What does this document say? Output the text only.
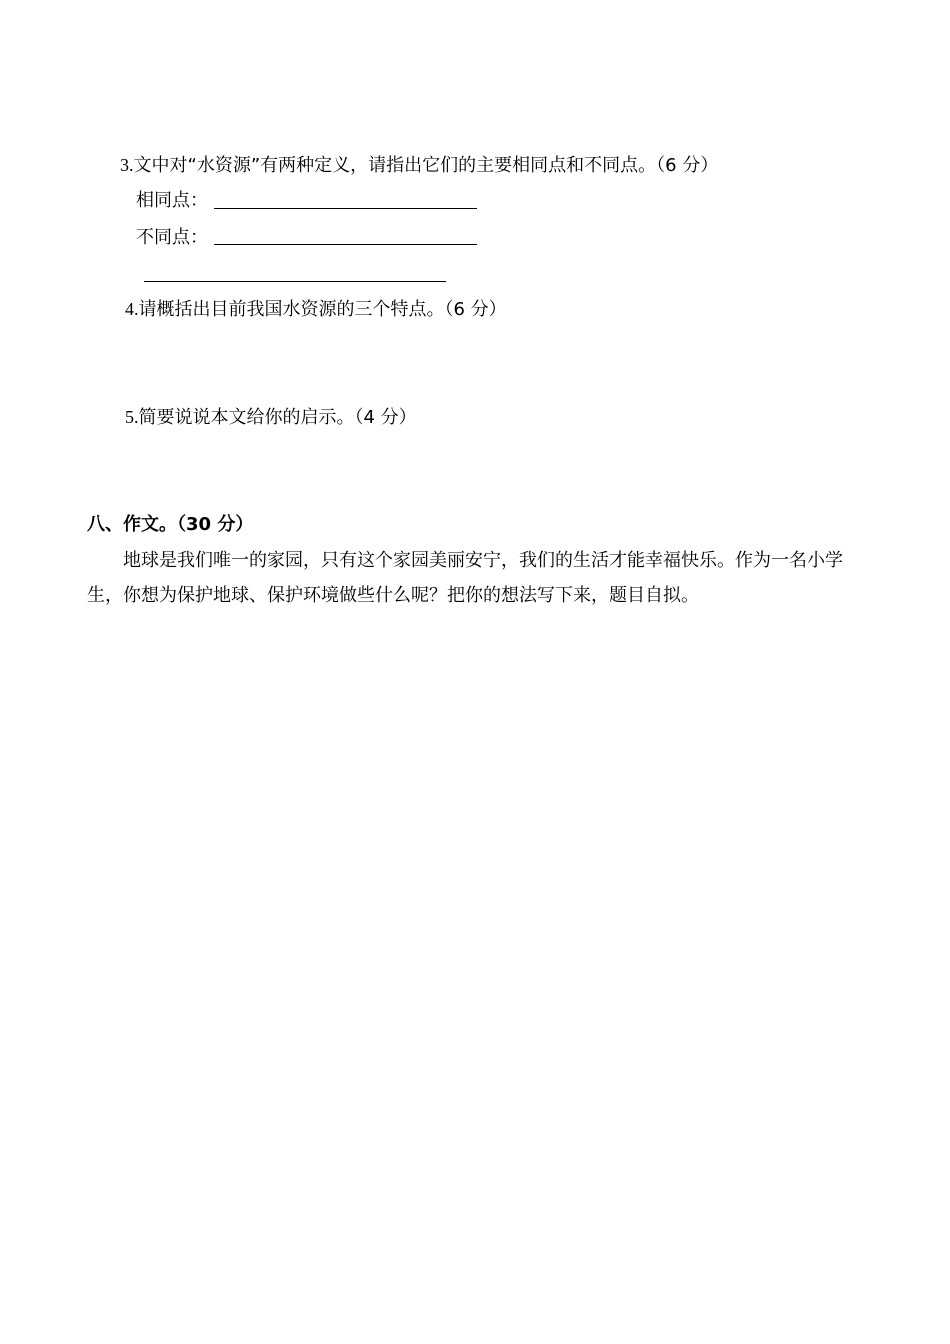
3.文中对“水资源”有两种定义，请指出它们的主要相同点和不同点。（6 分）
相同点：
不同点：
4.请概括出目前我国水资源的三个特点。（6 分）
5.简要说说本文给你的启示。（4 分）
八、作文。（30 分）
地球是我们唯一的家园，只有这个家园美丽安宁，我们的生活才能幸福快乐。作为一名小学生，你想为保护地球、保护环境做些什么呢？把你的想法写下来，题目自拟。
